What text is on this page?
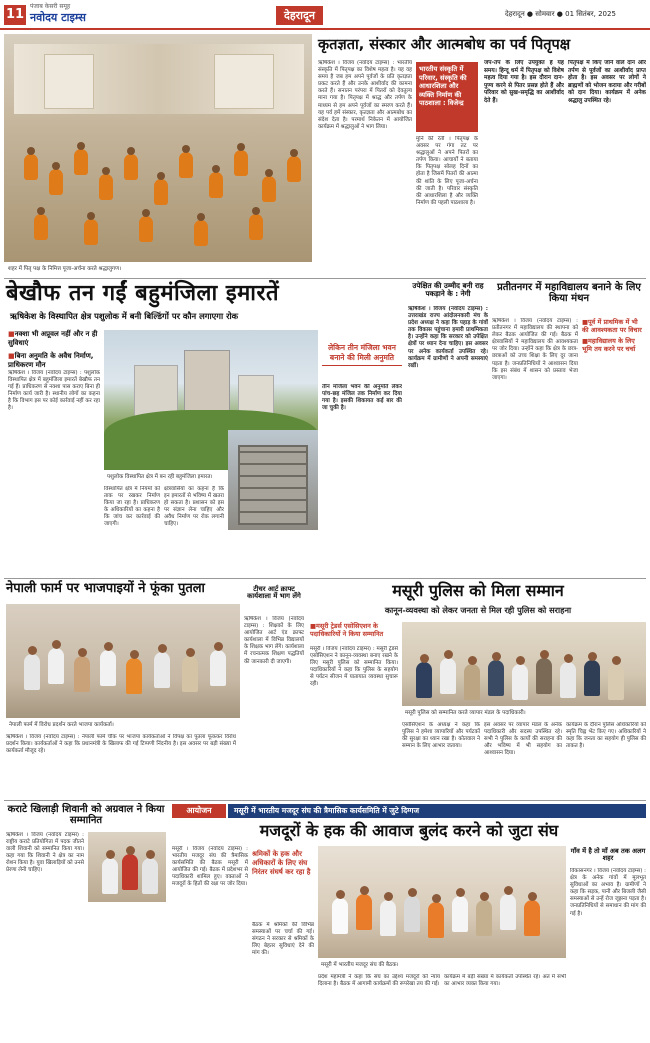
11
पंजाब केसरी समूह
नवोदय टाइम्स	देहरादून	देहरादून ● सोमवार ● 01 सितंबर, 2025
शहर में पितृ पक्ष के निमित्त पूजा-अर्चना करते श्रद्धालुगण।
कृतज्ञता, संस्कार और आत्मबोध का पर्व पितृपक्ष
ऋषिकेश । विजय (नवोदय टाइम्स) : भारतीय संस्कृति में पितृपक्ष का विशेष महत्व है। यह वह समय है जब हम अपने पूर्वजों के प्रति कृतज्ञता प्रकट करते हैं और उनके आशीर्वाद की कामना करते हैं। सनातन परंपरा में पितरों को देवतुल्य माना गया है। पितृपक्ष में श्राद्ध और तर्पण के माध्यम से हम अपने पूर्वजों का स्मरण करते हैं। यह पर्व हमें संस्कार, कृतज्ञता और आत्मबोध का संदेश देता है। परमार्थ निकेतन में आयोजित कार्यक्रम में श्रद्धालुओं ने भाग लिया।
भारतीय संस्कृति में परिवार, संस्कृति की आधारशिला और व्यक्ति निर्माण की पाठशाला : विजेन्द्र
मुनि की रेती । पितृपक्ष के अवसर पर गंगा तट पर श्रद्धालुओं ने अपने पितरों का तर्पण किया। आचार्यों ने बताया कि पितृपक्ष सोलह दिनों का होता है जिसमें पितरों की आत्मा की शांति के लिए पूजा-अर्चना की जाती है। परिवार संस्कृति की आधारशिला है और व्यक्ति निर्माण की पहली पाठशाला है।
जप-तप के लिए उपयुक्त है यह समय। हिन्दू धर्म में पितृपक्ष को विशेष महत्व दिया गया है। इस दौरान दान-पुण्य करने से पितर प्रसन्न होते हैं और परिवार को सुख-समृद्धि का आशीर्वाद देते हैं।
पितृपक्ष में किए जाने वाले दान और तर्पण से पूर्वजों का आशीर्वाद प्राप्त होता है। इस अवसर पर लोगों ने ब्राह्मणों को भोजन कराया और गरीबों को दान दिया। कार्यक्रम में अनेक श्रद्धालु उपस्थित रहे।
बेखौफ तन गईं बहुमंजिला इमारतें
ऋषिकेश के विस्थापित क्षेत्र पशुलोक में बनी बिल्डिंगों पर कौन लगाएगा रोक
■ नक्शा भी अप्रूवल नहीं और न ही सुविधाएं
■ बिना अनुमति के अवैध निर्माण, प्राधिकरण मौन
पशुलोक विस्थापित क्षेत्र में बन रही बहुमंजिला इमारत।
लेकिन तीन मंजिला भवन बनाने की मिली अनुमति
तीन मंजिला भवन की अनुमति लेकर पांच-छह मंजिल तक निर्माण कर दिया गया है। इसकी शिकायत कई बार की जा चुकी है।
ऋषिकेश । विजय (नवोदय टाइम्स) : पशुलोक विस्थापित क्षेत्र में बहुमंजिला इमारतें बेखौफ तन गई हैं। प्राधिकरण से नक्शा पास कराए बिना ही निर्माण कार्य जारी है। स्थानीय लोगों का कहना है कि विभाग इस पर कोई कार्रवाई नहीं कर रहा है।
विस्थापित क्षेत्र में नियमों को ताक पर रखकर निर्माण किया जा रहा है। प्राधिकरण के अधिकारियों का कहना है कि जांच कर कार्रवाई की जाएगी।
क्षेत्रवासियों का कहना है कि इन इमारतों से भविष्य में खतरा हो सकता है। प्रशासन को इस पर संज्ञान लेना चाहिए और अवैध निर्माण पर रोक लगानी चाहिए।
उपेक्षित की उम्मीद बनी राह पकड़ाने के : नेगी
ऋषिकेश । विजय (नवोदय टाइम्स) : उत्तराखंड राज्य आंदोलनकारी मंच के प्रदेश अध्यक्ष ने कहा कि पहाड़ के गांवों तक विकास पहुंचाना हमारी प्राथमिकता है। उन्होंने कहा कि सरकार को उपेक्षित क्षेत्रों पर ध्यान देना चाहिए। इस अवसर पर अनेक कार्यकर्ता उपस्थित रहे। कार्यक्रम में ग्रामीणों ने अपनी समस्याएं रखीं।
प्रतीतनगर में महाविद्यालय बनाने के लिए किया मंथन
■ पूर्व में प्राथमिक में भी की आवश्यकता पर विचार
■ महाविद्यालय के लिए भूमि तय करने पर चर्चा
ऋषिकेश । विजय (नवोदय टाइम्स) : प्रतीतनगर में महाविद्यालय की स्थापना को लेकर बैठक आयोजित की गई। बैठक में क्षेत्रवासियों ने महाविद्यालय की आवश्यकता पर जोर दिया। उन्होंने कहा कि क्षेत्र के छात्र-छात्राओं को उच्च शिक्षा के लिए दूर जाना पड़ता है। जनप्रतिनिधियों ने आश्वासन दिया कि इस संबंध में शासन को प्रस्ताव भेजा जाएगा।
नेपाली फार्म पर भाजपाइयों ने फूंका पुतला
नेपाली फार्म में विरोध प्रदर्शन करते भाजपा कार्यकर्ता।
ऋषिकेश । विजय (नवोदय टाइम्स) : नेपाली फार्म चौक पर भाजपा कार्यकर्ताओं ने विपक्ष का पुतला फूंककर विरोध प्रदर्शन किया। कार्यकर्ताओं ने कहा कि प्रधानमंत्री के खिलाफ की गई टिप्पणी निंदनीय है। इस अवसर पर बड़ी संख्या में कार्यकर्ता मौजूद रहे।
टीचर आर्ट क्राफ्ट कार्यशाला में भाग लेंगे
ऋषिकेश । विजय (नवोदय टाइम्स) : शिक्षकों के लिए आयोजित आर्ट एंड क्राफ्ट कार्यशाला में विभिन्न विद्यालयों के शिक्षक भाग लेंगे। कार्यशाला में रचनात्मक शिक्षण पद्धतियों की जानकारी दी जाएगी।
मसूरी पुलिस को मिला सम्मान
कानून-व्यवस्था को लेकर जनता से मिल रही पुलिस को सराहना
■ मसूरी ट्रेडर्स एसोसिएशन के पदाधिकारियों ने किया सम्मानित
मसूरी पुलिस को सम्मानित करते व्यापार मंडल के पदाधिकारी।
मसूरी । विजय (नवोदय टाइम्स) : मसूरी ट्रेडर्स एसोसिएशन ने कानून-व्यवस्था बनाए रखने के लिए मसूरी पुलिस को सम्मानित किया। पदाधिकारियों ने कहा कि पुलिस के सहयोग से पर्यटन सीजन में यातायात व्यवस्था सुचारू रही।
एसोसिएशन के अध्यक्ष ने कहा कि पुलिस ने हमेशा व्यापारियों और पर्यटकों की सुरक्षा का ध्यान रखा है। कोतवाल ने सम्मान के लिए आभार जताया।
इस अवसर पर व्यापार मंडल के अनेक पदाधिकारी और सदस्य उपस्थित रहे। सभी ने पुलिस के कार्यों की सराहना की और भविष्य में भी सहयोग का आश्वासन दिया।
कार्यक्रम के दौरान पुलिस अधिकारियों को स्मृति चिह्न भेंट किए गए। अधिकारियों ने कहा कि जनता का सहयोग ही पुलिस की ताकत है।
कराटे खिलाड़ी शिवानी को अग्रवाल ने किया सम्मानित
ऋषिकेश । विजय (नवोदय टाइम्स) : राष्ट्रीय कराटे प्रतियोगिता में पदक जीतने वाली शिवानी को सम्मानित किया गया। कहा गया कि शिवानी ने क्षेत्र का नाम रोशन किया है। युवा खिलाड़ियों को उनसे प्रेरणा लेनी चाहिए।
आयोजन	मसूरी में भारतीय मजदूर संघ की त्रैमासिक कार्यसमिति में जुटे दिग्गज
मजदूरों के हक की आवाज बुलंद करने को जुटा संघ
मसूरी । विजय (नवोदय टाइम्स) : भारतीय मजदूर संघ की त्रैमासिक कार्यसमिति की बैठक मसूरी में आयोजित की गई। बैठक में प्रदेशभर से पदाधिकारी शामिल हुए। वक्ताओं ने मजदूरों के हितों की रक्षा पर जोर दिया।
श्रमिकों के हक और अधिकारों के लिए संघ निरंतर संघर्ष कर रहा है
बैठक में श्रमिकों की विभिन्न समस्याओं पर चर्चा की गई। संगठन ने सरकार से श्रमिकों के लिए बेहतर सुविधाएं देने की मांग की।
मसूरी में भारतीय मजदूर संघ की बैठक।
प्रदेश महामंत्री ने कहा कि संघ का उद्देश्य मजदूरों को न्याय दिलाना है। बैठक में आगामी कार्यक्रमों की रूपरेखा तय की गई।
कार्यक्रम में बड़ी संख्या में कार्यकर्ता उपस्थित रहे। अंत में सभी का आभार व्यक्त किया गया।
गाँव में है तो माँ अब तक अलग शहर
विकासनगर । विजय (नवोदय टाइम्स) : क्षेत्र के अनेक गांवों में मूलभूत सुविधाओं का अभाव है। ग्रामीणों ने कहा कि सड़क, पानी और बिजली जैसी समस्याओं से उन्हें रोज जूझना पड़ता है। जनप्रतिनिधियों से समाधान की मांग की गई है।
